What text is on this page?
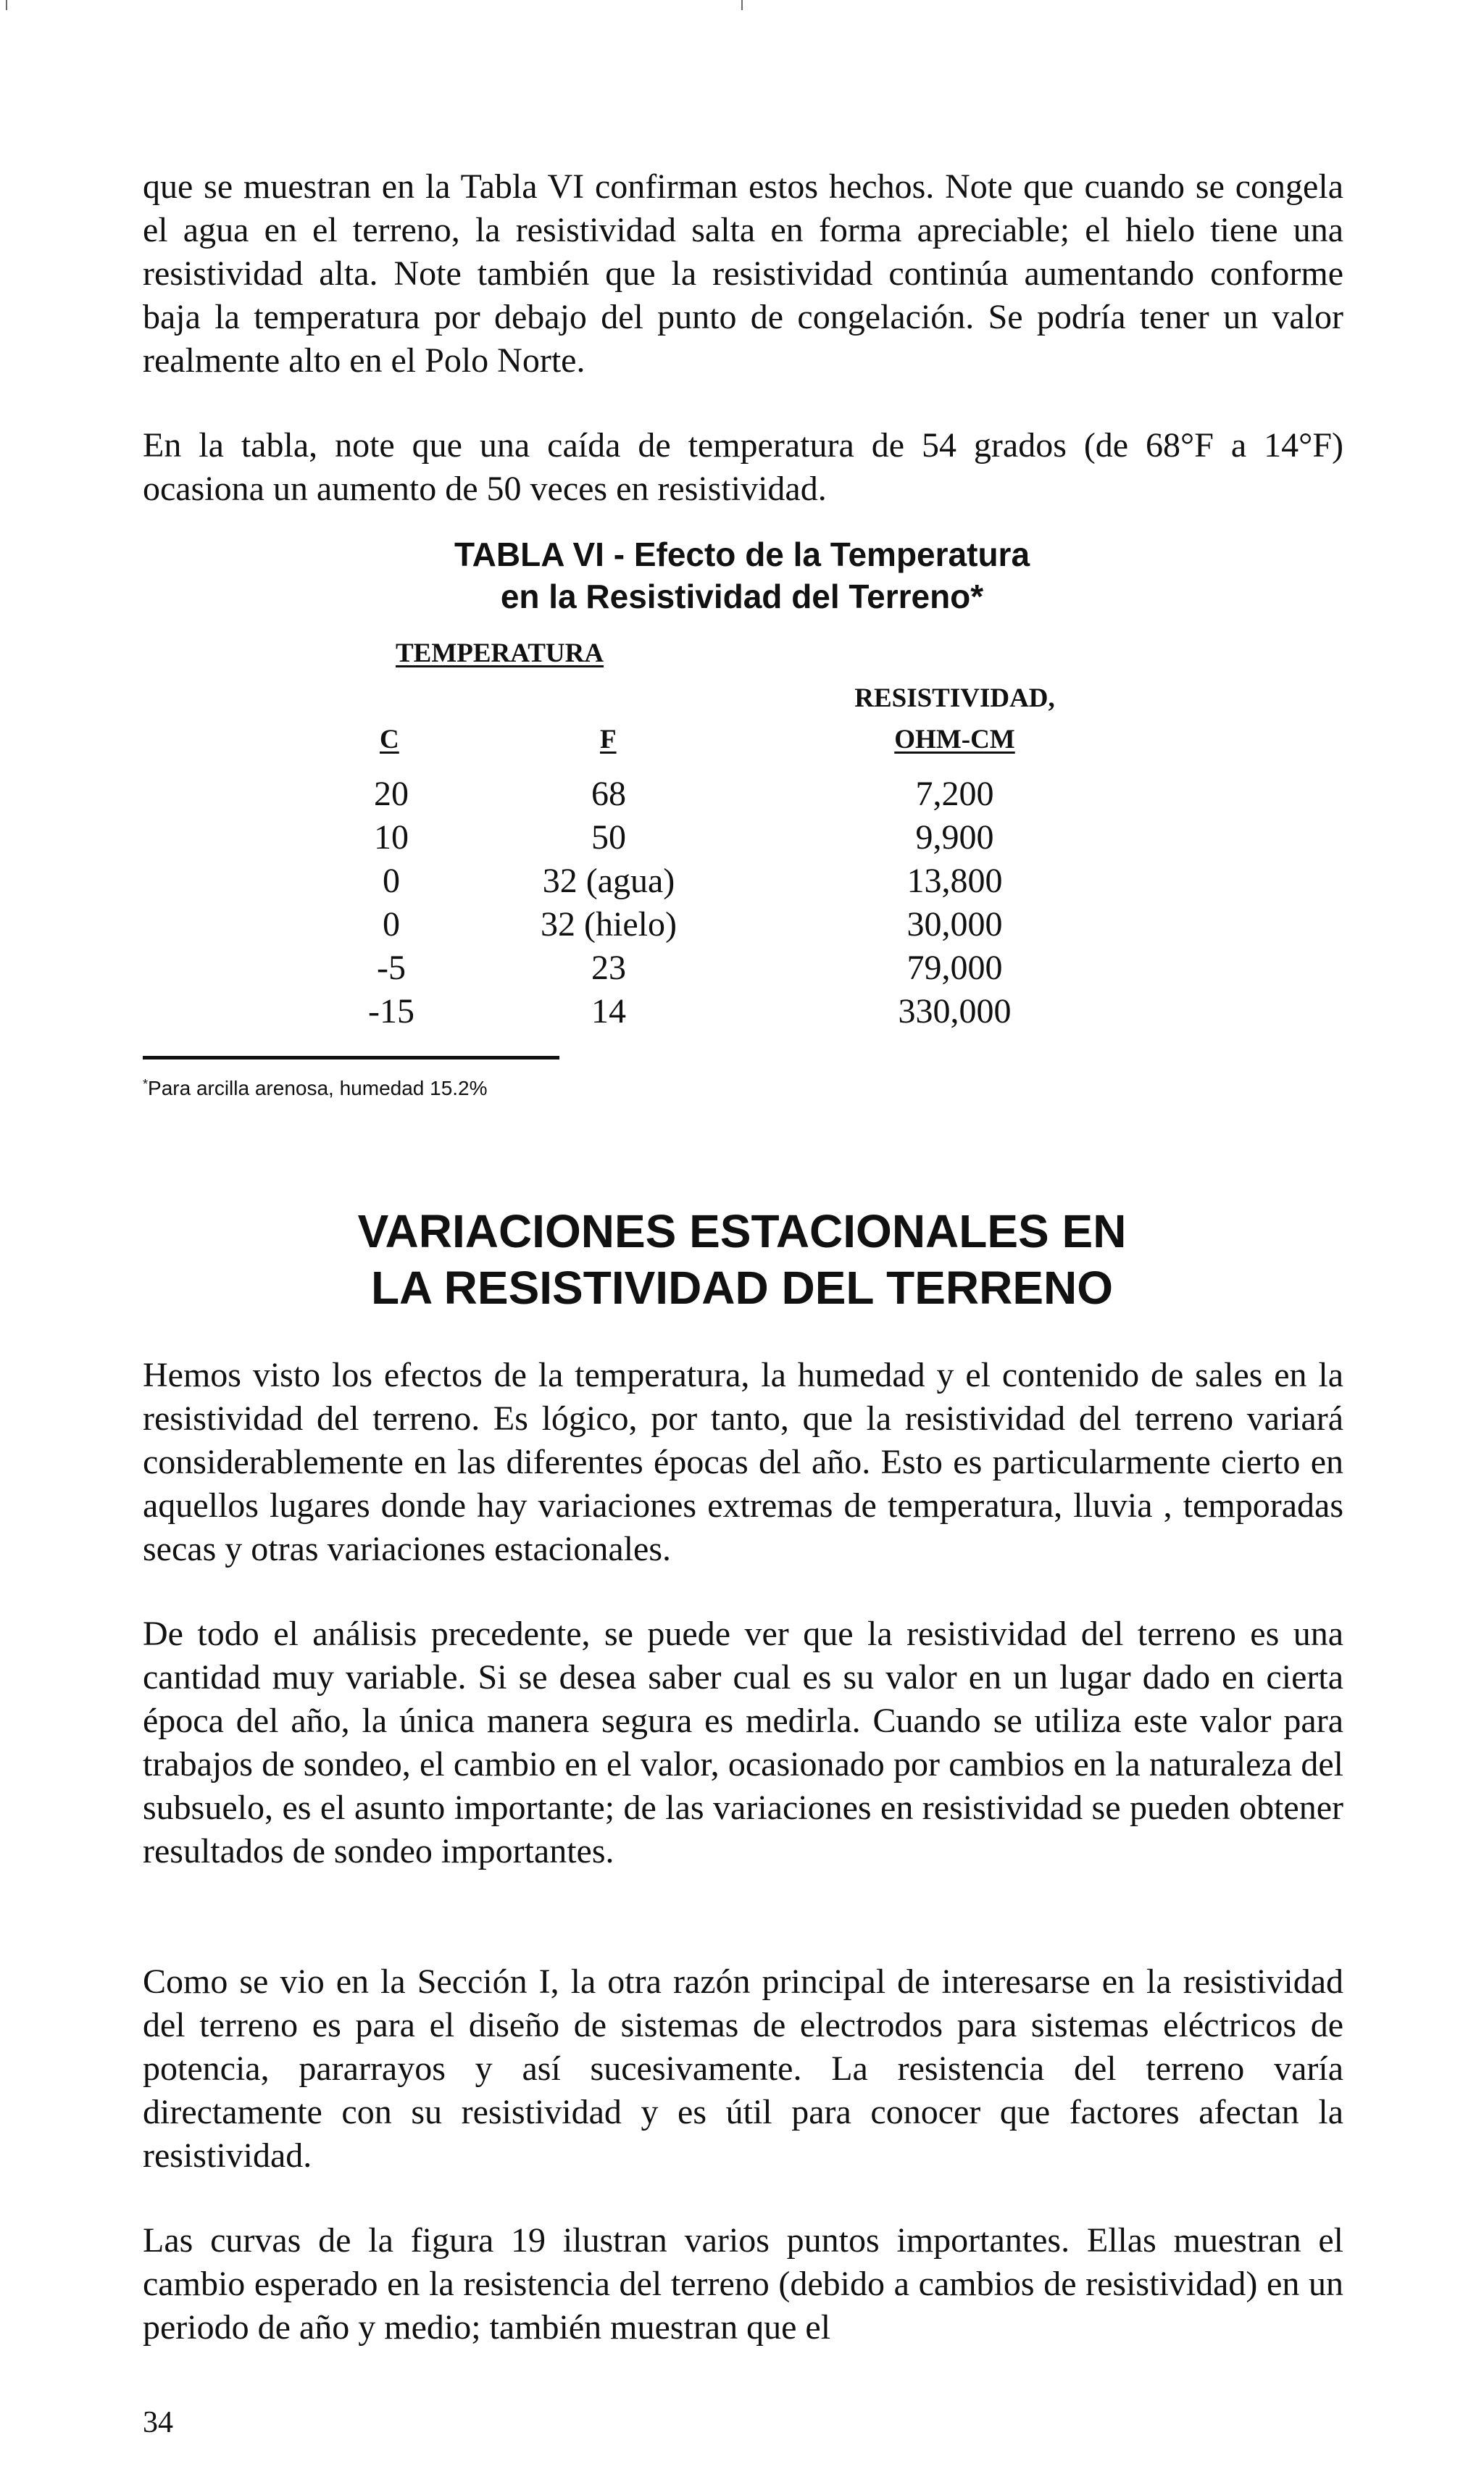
que se muestran en la Tabla VI confirman estos hechos. Note que cuando se congela el agua en el terreno, la resistividad salta en forma apreciable; el hielo tiene una resistividad alta. Note también que la resistividad continúa aumentando conforme baja la temperatura por debajo del punto de congelación. Se podría tener un valor realmente alto en el Polo Norte.

En la tabla, note que una caída de temperatura de 54 grados (de 68°F a 14°F) ocasiona un aumento de 50 veces en resistividad.

TABLA VI - Efecto de la Temperatura
en la Resistividad del Terreno*
TEMPERATURA
RESISTIVIDAD,
OHM-CM
C	F
20
10
0
0
-5
-15
68
50
32 (agua)
32 (hielo)
23
14
7,200
9,900
13,800
30,000
79,000
330,000
*Para arcilla arenosa, humedad 15.2%
VARIACIONES ESTACIONALES EN
LA RESISTIVIDAD DEL TERRENO

Hemos visto los efectos de la temperatura, la humedad y el contenido de sales en la resistividad del terreno. Es lógico, por tanto, que la resistividad del terreno variará considerablemente en las diferentes épocas del año. Esto es particularmente cierto en aquellos lugares donde hay variaciones extremas de temperatura, lluvia , temporadas secas y otras variaciones estacionales.

De todo el análisis precedente, se puede ver que la resistividad del terreno es una cantidad muy variable. Si se desea saber cual es su valor en un lugar dado en cierta época del año, la única manera segura es medirla. Cuando se utiliza este valor para trabajos de sondeo, el cambio en el valor, ocasionado por cambios en la naturaleza del subsuelo, es el asunto importante; de las variaciones en resistividad se pueden obtener resultados de sondeo importantes.

Como se vio en la Sección I, la otra razón principal de interesarse en la resistividad del terreno es para el diseño de sistemas de electrodos para sistemas eléctricos de potencia, pararrayos y así sucesivamente. La resistencia del terreno varía directamente con su resistividad y es útil para conocer que factores afectan la resistividad.

Las curvas de la figura 19 ilustran varios puntos importantes. Ellas muestran el cambio esperado en la resistencia del terreno (debido a cambios de resistividad) en un periodo de año y medio; también muestran que el

34
